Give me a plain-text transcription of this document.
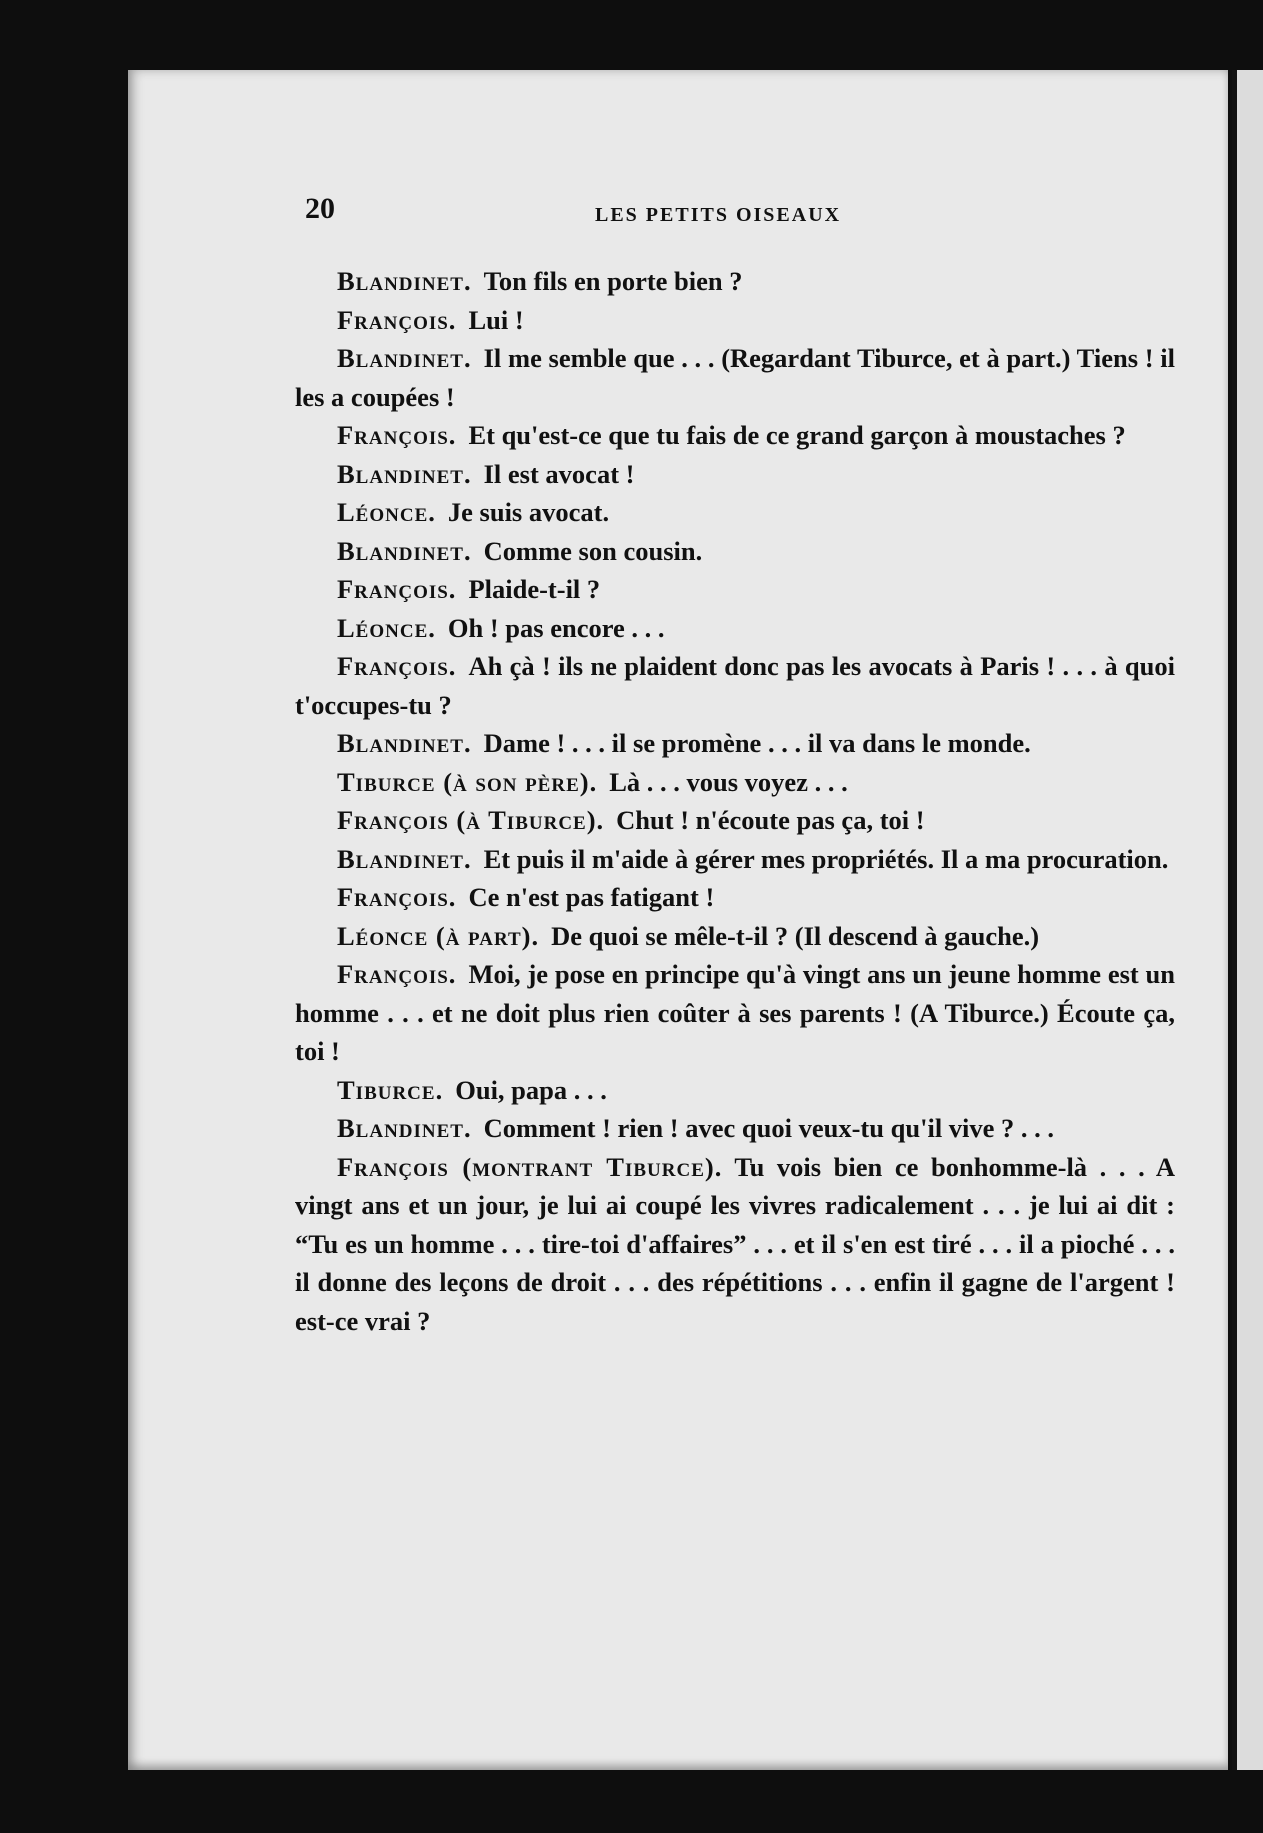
20	LES PETITS OISEAUX

Blandinet. Ton fils en porte bien ?

François. Lui !

Blandinet. Il me semble que . . . (Regardant Tiburce, et à part.) Tiens ! il les a coupées !

François. Et qu'est-ce que tu fais de ce grand garçon à moustaches ?

Blandinet. Il est avocat !

Léonce. Je suis avocat.

Blandinet. Comme son cousin.

François. Plaide-t-il ?

Léonce. Oh ! pas encore . . .

François. Ah çà ! ils ne plaident donc pas les avocats à Paris ! . . . à quoi t'occupes-tu ?

Blandinet. Dame ! . . . il se promène . . . il va dans le monde.

Tiburce (à son père). Là . . . vous voyez . . .

François (à Tiburce). Chut ! n'écoute pas ça, toi !

Blandinet. Et puis il m'aide à gérer mes propriétés. Il a ma procuration.

François. Ce n'est pas fatigant !

Léonce (à part). De quoi se mêle-t-il ? (Il descend à gauche.)

François. Moi, je pose en principe qu'à vingt ans un jeune homme est un homme . . . et ne doit plus rien coûter à ses parents ! (A Tiburce.) Écoute ça, toi !

Tiburce. Oui, papa . . .

Blandinet. Comment ! rien ! avec quoi veux-tu qu'il vive ? . . .

François (montrant Tiburce). Tu vois bien ce bonhomme-là . . . A vingt ans et un jour, je lui ai coupé les vivres radicalement . . . je lui ai dit : “Tu es un homme . . . tire-toi d'affaires” . . . et il s'en est tiré . . . il a pioché . . . il donne des leçons de droit . . . des répétitions . . . enfin il gagne de l'argent ! est-ce vrai ?
